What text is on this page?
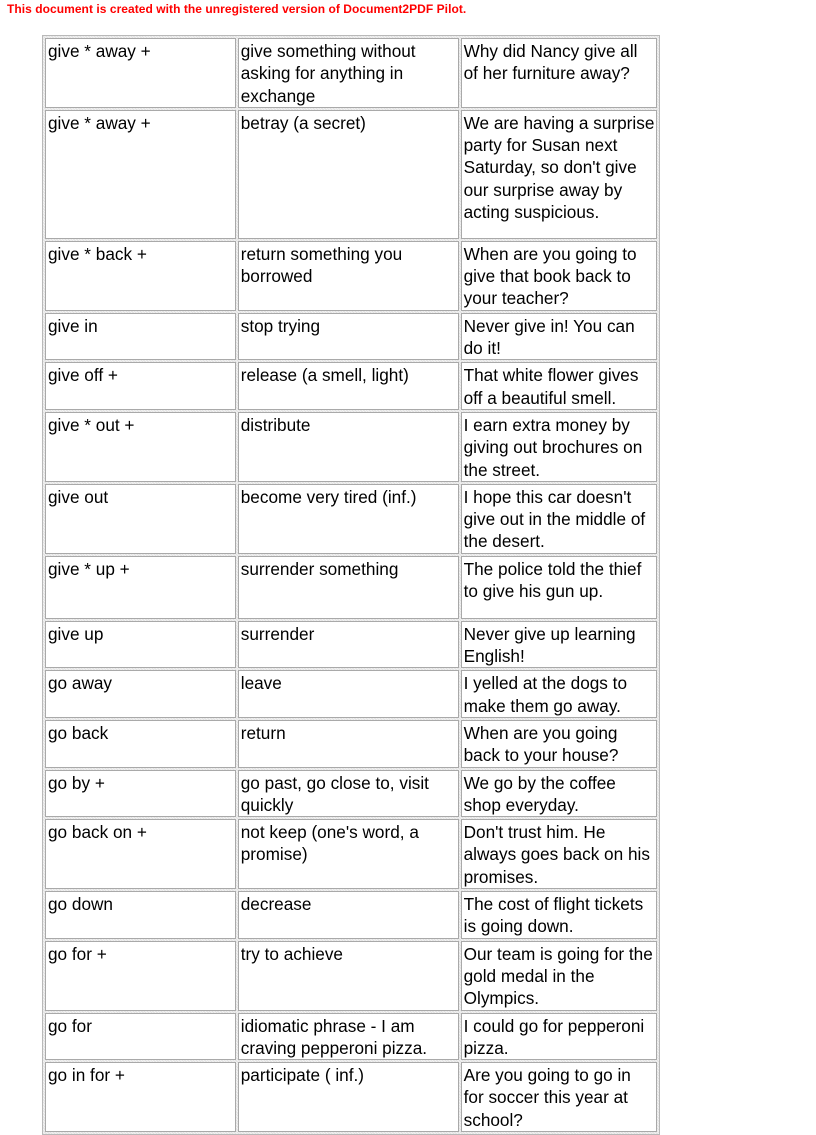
This document is created with the unregistered version of Document2PDF Pilot.
give * away +	give something without asking for anything in exchange	Why did Nancy give all of her furniture away?
give * away +	betray (a secret)	We are having a surprise party for Susan next Saturday, so don't give our surprise away by acting suspicious.
give * back +	return something you borrowed	When are you going to give that book back to your teacher?
give in	stop trying	Never give in! You can do it!
give off +	release (a smell, light)	That white flower gives off a beautiful smell.
give * out +	distribute	I earn extra money by giving out brochures on the street.
give out	become very tired (inf.)	I hope this car doesn't give out in the middle of the desert.
give * up +	surrender something	The police told the thief to give his gun up.
give up	surrender	Never give up learning English!
go away	leave	I yelled at the dogs to make them go away.
go back	return	When are you going back to your house?
go by +	go past, go close to, visit quickly	We go by the coffee shop everyday.
go back on +	not keep (one's word, a promise)	Don't trust him. He always goes back on his promises.
go down	decrease	The cost of flight tickets is going down.
go for +	try to achieve	Our team is going for the gold medal in the Olympics.
go for	idiomatic phrase - I am craving pepperoni pizza.	I could go for pepperoni pizza.
go in for +	participate ( inf.)	Are you going to go in for soccer this year at school?
